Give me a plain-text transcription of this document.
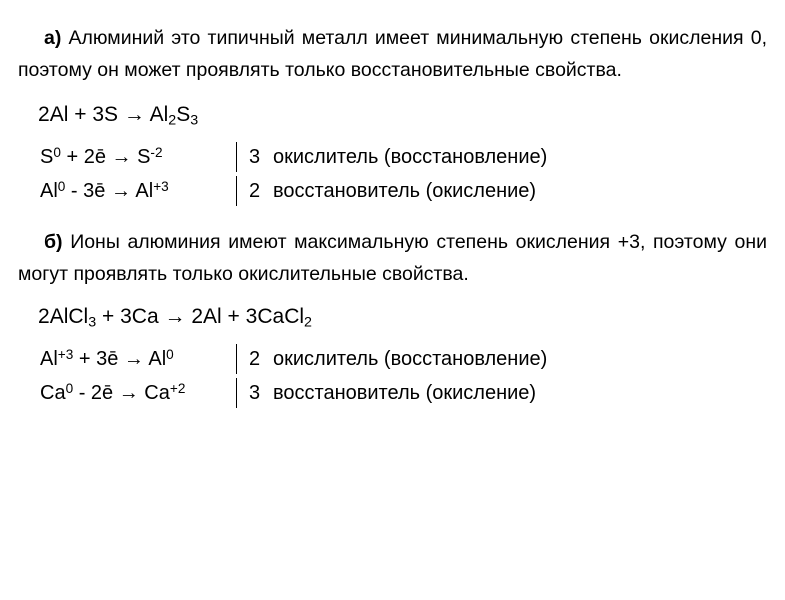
а) Алюминий это типичный металл имеет минимальную степень окисления 0, поэтому он может проявлять только восстановительные свойства.

$2Al + 3S \to Al_2S_3$
$S^0$ + 2ē → $S^{-2}$	3 окислитель (восстановление)
Al$^0$ - 3ē → $Al^{+3}$	2 восстановитель (окисление)

б) Ионы алюминия имеют максимальную степень окисления +3, поэтому они могут проявлять только окислительные свойства.

2AlCl$_3$ + 3Ca → 2Al + 3CaCl$_2$
$Al^{+3}$ + 3ē → $Al^0$	2 окислитель (восстановление)
Ca$^0$ - 2ē → $Ca^{+2}$	3 восстановитель (окисление)
